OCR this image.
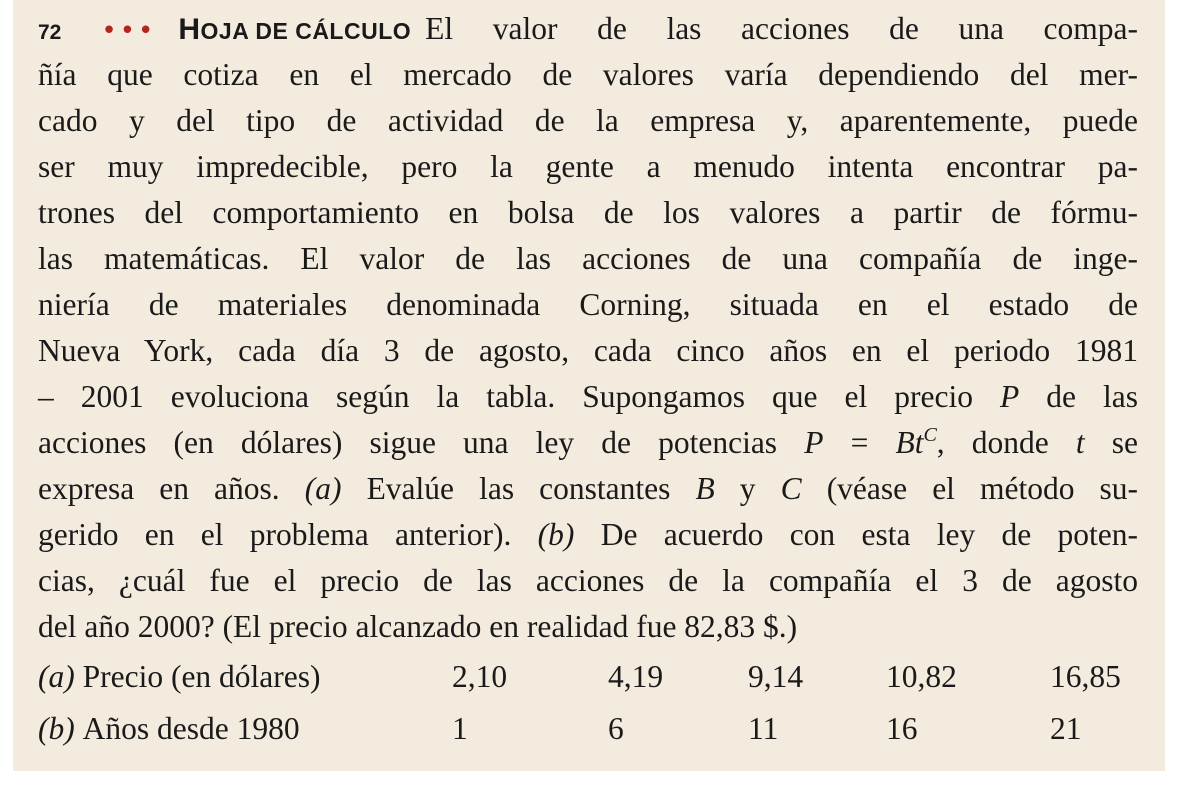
72 ••• HOJA DE CÁLCULO El valor de las acciones de una compa-
ñía que cotiza en el mercado de valores varía dependiendo del mer-
cado y del tipo de actividad de la empresa y, aparentemente, puede
ser muy impredecible, pero la gente a menudo intenta encontrar pa-
trones del comportamiento en bolsa de los valores a partir de fórmu-
las matemáticas. El valor de las acciones de una compañía de inge-
niería de materiales denominada Corning, situada en el estado de
Nueva York, cada día 3 de agosto, cada cinco años en el periodo 1981
– 2001 evoluciona según la tabla. Supongamos que el precio P de las
acciones (en dólares) sigue una ley de potencias $P = Bt^C$, donde t se
expresa en años. (a) Evalúe las constantes B y C (véase el método su-
gerido en el problema anterior). (b) De acuerdo con esta ley de poten-
cias, ¿cuál fue el precio de las acciones de la compañía el 3 de agosto
del año 2000? (El precio alcanzado en realidad fue 82,83 $.)
(a) Precio (en dólares)	2,10	4,19	9,14	10,82	16,85
(b) Años desde 1980	1	6	11	16	21
